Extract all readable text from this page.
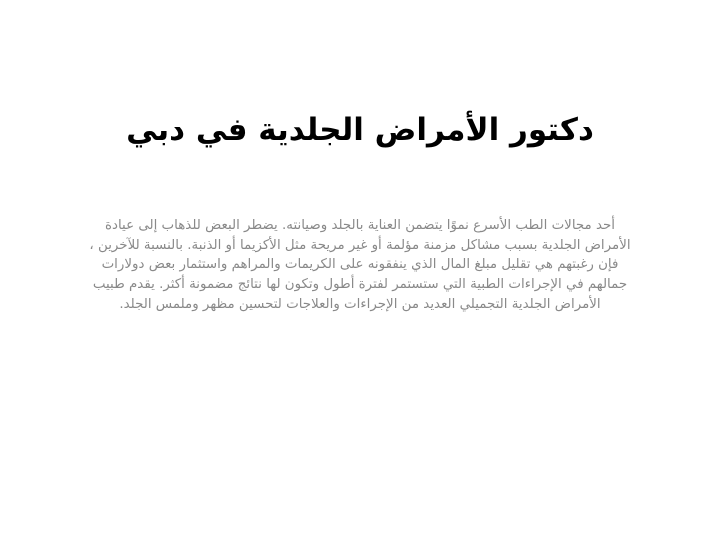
دكتور الأمراض الجلدية في دبي

أحد مجالات الطب الأسرع نموًا يتضمن العناية بالجلد وصيانته. يضطر البعض للذهاب إلى عيادة الأمراض الجلدية بسبب مشاكل مزمنة مؤلمة أو غير مريحة مثل الأكزيما أو الذنبة. بالنسبة للآخرين ، فإن رغبتهم هي تقليل مبلغ المال الذي ينفقونه على الكريمات والمراهم واستثمار بعض دولارات جمالهم في الإجراءات الطبية التي ستستمر لفترة أطول وتكون لها نتائج مضمونة أكثر. يقدم طبيب الأمراض الجلدية التجميلي العديد من الإجراءات والعلاجات لتحسين مظهر وملمس الجلد.
